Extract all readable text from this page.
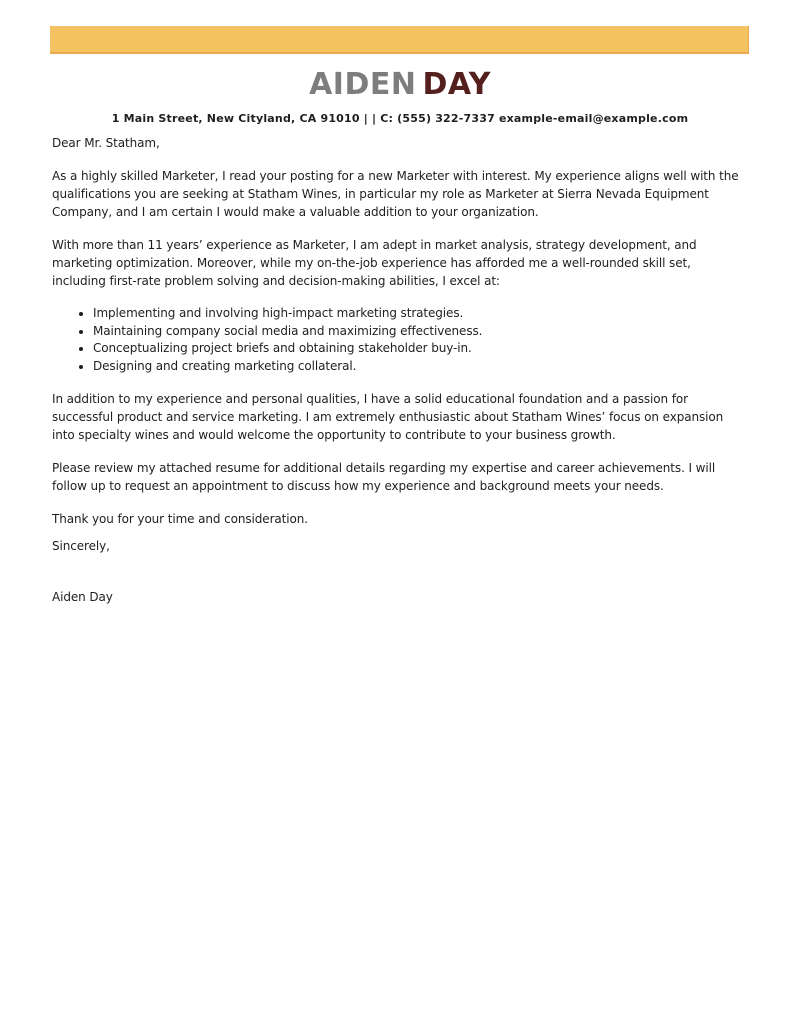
AIDEN DAY
1 Main Street, New Cityland, CA 91010 | | C: (555) 322-7337 example-email@example.com

Dear Mr. Statham,

As a highly skilled Marketer, I read your posting for a new Marketer with interest. My experience aligns well with the qualifications you are seeking at Statham Wines, in particular my role as Marketer at Sierra Nevada Equipment Company, and I am certain I would make a valuable addition to your organization.

With more than 11 years’ experience as Marketer, I am adept in market analysis, strategy development, and marketing optimization. Moreover, while my on-the-job experience has afforded me a well-rounded skill set, including first-rate problem solving and decision-making abilities, I excel at:

• Implementing and involving high-impact marketing strategies.
• Maintaining company social media and maximizing effectiveness.
• Conceptualizing project briefs and obtaining stakeholder buy-in.
• Designing and creating marketing collateral.

In addition to my experience and personal qualities, I have a solid educational foundation and a passion for successful product and service marketing. I am extremely enthusiastic about Statham Wines’ focus on expansion into specialty wines and would welcome the opportunity to contribute to your business growth.

Please review my attached resume for additional details regarding my expertise and career achievements. I will follow up to request an appointment to discuss how my experience and background meets your needs.

Thank you for your time and consideration.

Sincerely,

Aiden Day
